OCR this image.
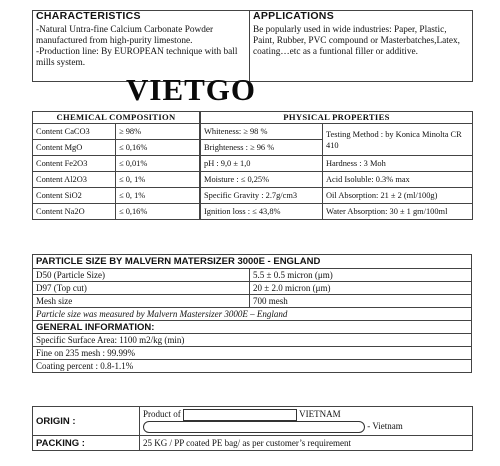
CHARACTERISTICS
-Natural Untra-fine Calcium Carbonate Powder manufactured from high-purity limestone.
-Production line: By EUROPEAN technique with ball mills system.

APPLICATIONS
Be popularly used in wide industries: Paper, Plastic, Paint, Rubber, PVC compound or Masterbatches,Latex, coating…etc as a funtional filler or additive.
VIETGO
CHEMICAL COMPOSITION	
Content CaCO3	≥ 98%
Content MgO	≤ 0,16%
Content Fe2O3	≤ 0,01%
Content Al2O3	≤ 0, 1%
Content SiO2	≤ 0, 1%
Content Na2O	≤ 0,16%
PHYSICAL PROPERTIES	
Whiteness: ≥ 98 %	Testing Method : by Konica Minolta CR 410
Brighteness : ≥ 96 %	
pH : 9,0 ± 1,0	Hardness : 3 Moh
Moisture : ≤ 0,25%	Acid Isoluble: 0.3% max
Specific Gravity : 2.7g/cm3	Oil Absorption: 21 ± 2 (ml/100g)
Ignition loss : ≤ 43,8%	Water Absorption: 30 ± 1 gm/100ml
PARTICLE SIZE BY MALVERN MATERSIZER 3000E - ENGLAND	
D50 (Particle Size)	5.5 ± 0.5 micron (μm)
D97 (Top cut)	20 ± 2.0 micron (μm)
Mesh size	700 mesh
Particle size was measured by Malvern Mastersizer 3000E – England	
GENERAL INFORMATION:	
Specific Surface Area: 1100 m2/kg (min)	
Fine on 235 mesh : 99.99%	
Coating percent : 0.8-1.1%	
ORIGIN :	Product of VIETNAM
- Vietnam

PACKING :	25 KG / PP coated PE bag/ as per customer’s requirement
